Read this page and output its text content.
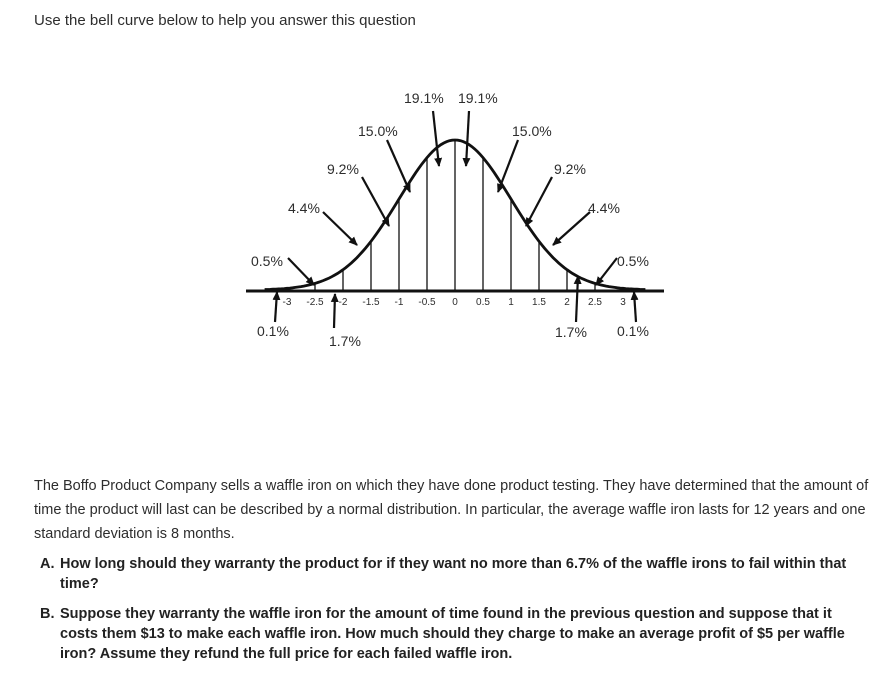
Use the bell curve below to help you answer this question
-3 -2.5 -2 -1.5 -1 -0.5 0 0.5 1 1.5 2 2.5 3
0.5%
4.4%
9.2%
15.0%
19.1% 19.1%
15.0%
9.2%
4.4%
0.5%
0.1%
1.7%
1.7% 0.1%

The Boffo Product Company sells a waffle iron on which they have done product testing. They have determined that the amount of time the product will last can be described by a normal distribution. In particular, the average waffle iron lasts for 12 years and one standard deviation is 8 months.

A. How long should they warranty the product for if they want no more than 6.7% of the waffle irons to fail within that time?
B. Suppose they warranty the waffle iron for the amount of time found in the previous question and suppose that it costs them $13 to make each waffle iron. How much should they charge to make an average profit of $5 per waffle iron? Assume they refund the full price for each failed waffle iron.
